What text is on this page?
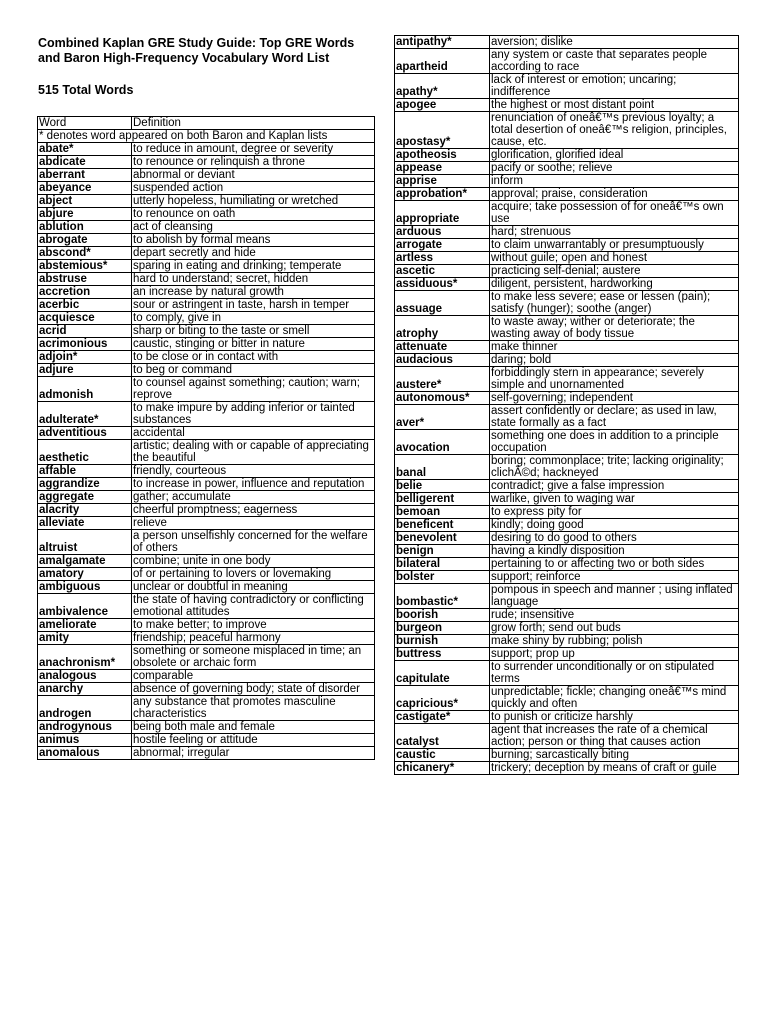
Combined Kaplan GRE Study Guide: Top GRE Words and Baron High-Frequency Vocabulary Word List
515 Total Words
Word	Definition
* denotes word appeared on both Baron and Kaplan lists	
abate*	to reduce in amount, degree or severity
abdicate	to renounce or relinquish a throne
aberrant	abnormal or deviant
abeyance	suspended action
abject	utterly hopeless, humiliating or wretched
abjure	to renounce on oath
ablution	act of cleansing
abrogate	to abolish by formal means
abscond*	depart secretly and hide
abstemious*	sparing in eating and drinking; temperate
abstruse	hard to understand; secret, hidden
accretion	an increase by natural growth
acerbic	sour or astringent in taste, harsh in temper
acquiesce	to comply, give in
acrid	sharp or biting to the taste or smell
acrimonious	caustic, stinging or bitter in nature
adjoin*	to be close or in contact with
adjure	to beg or command
admonish	to counsel against something; caution; warn; reprove
adulterate*	to make impure by adding inferior or tainted substances
adventitious	accidental
aesthetic	artistic; dealing with or capable of appreciating the beautiful
affable	friendly, courteous
aggrandize	to increase in power, influence and reputation
aggregate	gather; accumulate
alacrity	cheerful promptness; eagerness
alleviate	relieve
altruist	a person unselfishly concerned for the welfare of others
amalgamate	combine; unite in one body
amatory	of or pertaining to lovers or lovemaking
ambiguous	unclear or doubtful in meaning
ambivalence	the state of having contradictory or conflicting emotional attitudes
ameliorate	to make better; to improve
amity	friendship; peaceful harmony
anachronism*	something or someone misplaced in time; an obsolete or archaic form
analogous	comparable
anarchy	absence of governing body; state of disorder
androgen	any substance that promotes masculine characteristics
androgynous	being both male and female
animus	hostile feeling or attitude
anomalous	abnormal; irregular
antipathy*	aversion; dislike
apartheid	any system or caste that separates people according to race
apathy*	lack of interest or emotion; uncaring; indifference
apogee	the highest or most distant point
apostasy*	renunciation of oneâ€™s previous loyalty; a total desertion of oneâ€™s religion, principles, cause, etc.
apotheosis	glorification, glorified ideal
appease	pacify or soothe; relieve
apprise	inform
approbation*	approval; praise, consideration
appropriate	acquire; take possession of for oneâ€™s own use
arduous	hard; strenuous
arrogate	to claim unwarrantably or presumptuously
artless	without guile; open and honest
ascetic	practicing self-denial; austere
assiduous*	diligent, persistent, hardworking
assuage	to make less severe; ease or lessen (pain); satisfy (hunger); soothe (anger)
atrophy	to waste away; wither or deteriorate; the wasting away of body tissue
attenuate	make thinner
audacious	daring; bold
austere*	forbiddingly stern in appearance; severely simple and unornamented
autonomous*	self-governing; independent
aver*	assert confidently or declare; as used in law, state formally as a fact
avocation	something one does in addition to a principle occupation
banal	boring; commonplace; trite; lacking originality; clichÃ©d; hackneyed
belie	contradict; give a false impression
belligerent	warlike, given to waging war
bemoan	to express pity for
beneficent	kindly; doing good
benevolent	desiring to do good to others
benign	having a kindly disposition
bilateral	pertaining to or affecting two or both sides
bolster	support; reinforce
bombastic*	pompous in speech and manner ; using inflated language
boorish	rude; insensitive
burgeon	grow forth; send out buds
burnish	make shiny by rubbing; polish
buttress	support; prop up
capitulate	to surrender unconditionally or on stipulated terms
capricious*	unpredictable; fickle; changing oneâ€™s mind quickly and often
castigate*	to punish or criticize harshly
catalyst	agent that increases the rate of a chemical action; person or thing that causes action
caustic	burning; sarcastically biting
chicanery*	trickery; deception by means of craft or guile
